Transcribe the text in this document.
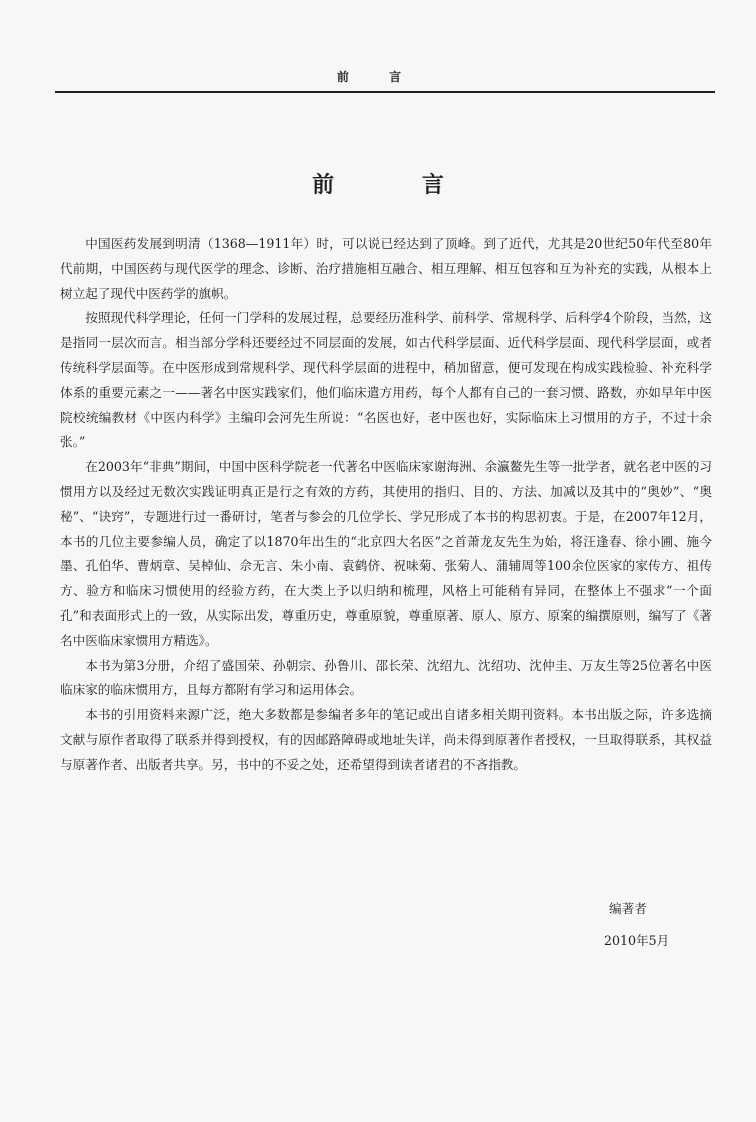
前 言
前 言

中国医药发展到明清（1368—1911年）时，可以说已经达到了顶峰。到了近代，尤其是20世纪50年代至80年代前期，中国医药与现代医学的理念、诊断、治疗措施相互融合、相互理解、相互包容和互为补充的实践，从根本上树立起了现代中医药学的旗帜。

按照现代科学理论，任何一门学科的发展过程，总要经历准科学、前科学、常规科学、后科学4个阶段，当然，这是指同一层次而言。相当部分学科还要经过不同层面的发展，如古代科学层面、近代科学层面、现代科学层面，或者传统科学层面等。在中医形成到常规科学、现代科学层面的进程中，稍加留意，便可发现在构成实践检验、补充科学体系的重要元素之一——著名中医实践家们，他们临床遣方用药，每个人都有自己的一套习惯、路数，亦如早年中医院校统编教材《中医内科学》主编印会河先生所说：“名医也好，老中医也好，实际临床上习惯用的方子，不过十余张。”

在2003年“非典”期间，中国中医科学院老一代著名中医临床家谢海洲、余瀛鳌先生等一批学者，就名老中医的习惯用方以及经过无数次实践证明真正是行之有效的方药，其使用的指归、目的、方法、加减以及其中的“奥妙”、“奥秘”、“诀窍”，专题进行过一番研讨，笔者与参会的几位学长、学兄形成了本书的构思初衷。于是，在2007年12月，本书的几位主要参编人员，确定了以1870年出生的“北京四大名医”之首萧龙友先生为始，将汪逢春、徐小圃、施今墨、孔伯华、曹炳章、吴棹仙、佘无言、朱小南、袁鹤侪、祝味菊、张菊人、蒲辅周等100余位医家的家传方、祖传方、验方和临床习惯使用的经验方药，在大类上予以归纳和梳理，风格上可能稍有异同，在整体上不强求“一个面孔”和表面形式上的一致，从实际出发，尊重历史，尊重原貌，尊重原著、原人、原方、原案的编撰原则，编写了《著名中医临床家惯用方精选》。

本书为第3分册，介绍了盛国荣、孙朝宗、孙鲁川、邵长荣、沈绍九、沈绍功、沈仲圭、万友生等25位著名中医临床家的临床惯用方，且每方都附有学习和运用体会。

本书的引用资料来源广泛，绝大多数都是参编者多年的笔记或出自诸多相关期刊资料。本书出版之际，许多选摘文献与原作者取得了联系并得到授权，有的因邮路障碍或地址失详，尚未得到原著作者授权，一旦取得联系，其权益与原著作者、出版者共享。另，书中的不妥之处，还希望得到读者诸君的不吝指教。

编著者
2010年5月
